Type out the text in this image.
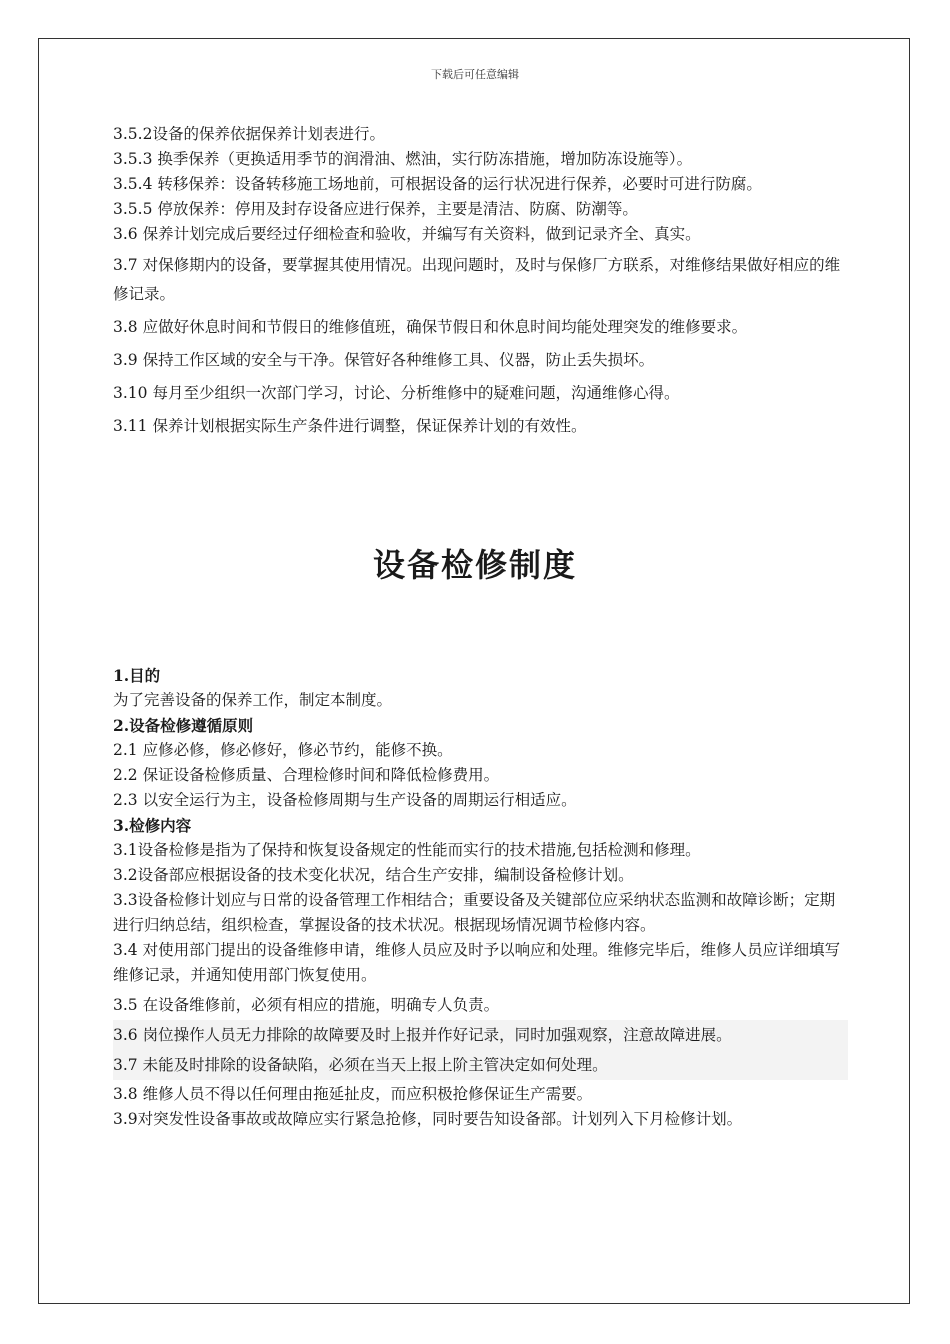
下载后可任意编辑

3.5.2设备的保养依据保养计划表进行。

3.5.3 换季保养（更换适用季节的润滑油、燃油，实行防冻措施，增加防冻设施等）。

3.5.4 转移保养：设备转移施工场地前，可根据设备的运行状况进行保养，必要时可进行防腐。

3.5.5 停放保养：停用及封存设备应进行保养，主要是清洁、防腐、防潮等。

3.6 保养计划完成后要经过仔细检查和验收，并编写有关资料，做到记录齐全、真实。

3.7 对保修期内的设备，要掌握其使用情况。出现问题时，及时与保修厂方联系，对维修结果做好相应的维修记录。

3.8 应做好休息时间和节假日的维修值班，确保节假日和休息时间均能处理突发的维修要求。

3.9 保持工作区域的安全与干净。保管好各种维修工具、仪器，防止丢失损坏。

3.10 每月至少组织一次部门学习，讨论、分析维修中的疑难问题，沟通维修心得。

3.11 保养计划根据实际生产条件进行调整，保证保养计划的有效性。

设备检修制度

1.目的

为了完善设备的保养工作，制定本制度。

2.设备检修遵循原则

2.1 应修必修，修必修好，修必节约，能修不换。

2.2 保证设备检修质量、合理检修时间和降低检修费用。

2.3 以安全运行为主，设备检修周期与生产设备的周期运行相适应。

3.检修内容

3.1设备检修是指为了保持和恢复设备规定的性能而实行的技术措施,包括检测和修理。

3.2设备部应根据设备的技术变化状况，结合生产安排，编制设备检修计划。

3.3设备检修计划应与日常的设备管理工作相结合；重要设备及关键部位应采纳状态监测和故障诊断；定期进行归纳总结，组织检查，掌握设备的技术状况。根据现场情况调节检修内容。

3.4 对使用部门提出的设备维修申请，维修人员应及时予以响应和处理。维修完毕后，维修人员应详细填写维修记录，并通知使用部门恢复使用。

3.5 在设备维修前，必须有相应的措施，明确专人负责。

3.6 岗位操作人员无力排除的故障要及时上报并作好记录，同时加强观察，注意故障进展。

3.7 未能及时排除的设备缺陷，必须在当天上报上阶主管决定如何处理。

3.8 维修人员不得以任何理由拖延扯皮，而应积极抢修保证生产需要。

3.9对突发性设备事故或故障应实行紧急抢修，同时要告知设备部。计划列入下月检修计划。
